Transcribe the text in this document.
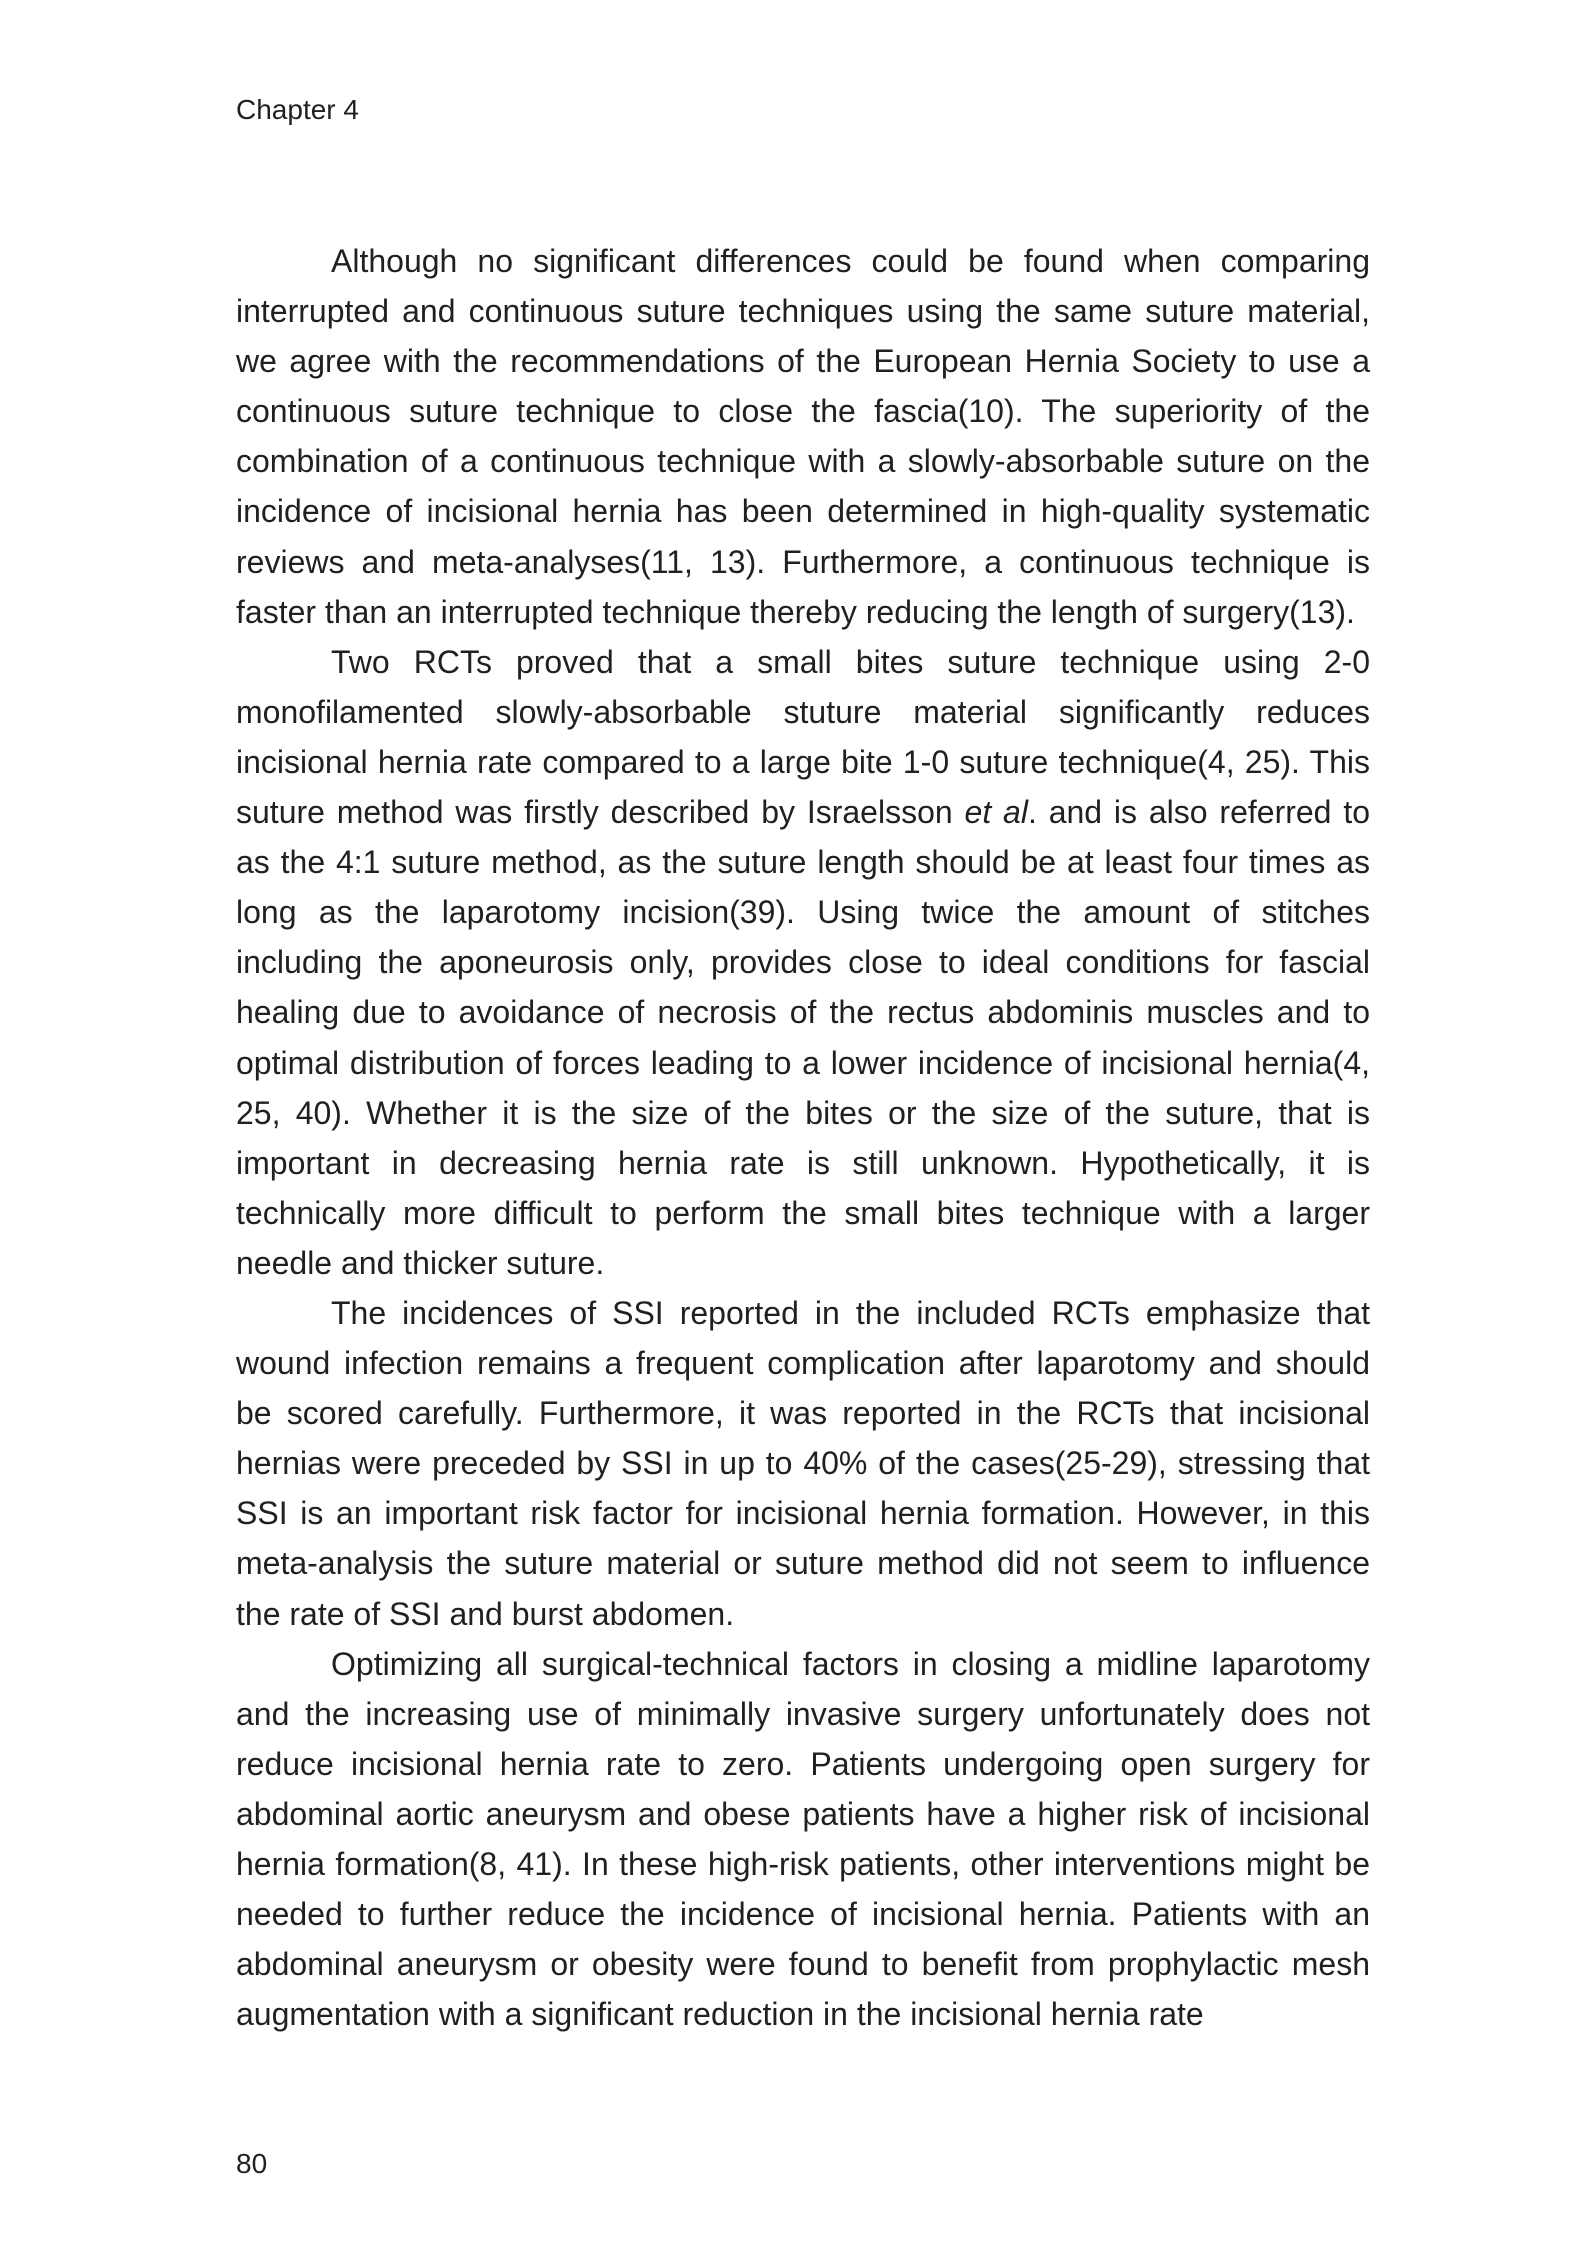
Chapter 4

Although no significant differences could be found when comparing interrupted and continuous suture techniques using the same suture material, we agree with the recommendations of the European Hernia Society to use a continuous suture technique to close the fascia(10). The superiority of the combination of a continuous technique with a slowly-absorbable suture on the incidence of incisional hernia has been determined in high-quality systematic reviews and meta-analyses(11, 13). Furthermore, a continuous technique is faster than an interrupted technique thereby reducing the length of surgery(13).

Two RCTs proved that a small bites suture technique using 2-0 monofilamented slowly-absorbable stuture material significantly reduces incisional hernia rate compared to a large bite 1-0 suture technique(4, 25). This suture method was firstly described by Israelsson et al. and is also referred to as the 4:1 suture method, as the suture length should be at least four times as long as the laparotomy incision(39). Using twice the amount of stitches including the aponeurosis only, provides close to ideal conditions for fascial healing due to avoidance of necrosis of the rectus abdominis muscles and to optimal distribution of forces leading to a lower incidence of incisional hernia(4, 25, 40). Whether it is the size of the bites or the size of the suture, that is important in decreasing hernia rate is still unknown. Hypothetically, it is technically more difficult to perform the small bites technique with a larger needle and thicker suture.

The incidences of SSI reported in the included RCTs emphasize that wound infection remains a frequent complication after laparotomy and should be scored carefully. Furthermore, it was reported in the RCTs that incisional hernias were preceded by SSI in up to 40% of the cases(25-29), stressing that SSI is an important risk factor for incisional hernia formation. However, in this meta-analysis the suture material or suture method did not seem to influence the rate of SSI and burst abdomen.

Optimizing all surgical-technical factors in closing a midline laparotomy and the increasing use of minimally invasive surgery unfortunately does not reduce incisional hernia rate to zero. Patients undergoing open surgery for abdominal aortic aneurysm and obese patients have a higher risk of incisional hernia formation(8, 41). In these high-risk patients, other interventions might be needed to further reduce the incidence of incisional hernia. Patients with an abdominal aneurysm or obesity were found to benefit from prophylactic mesh augmentation with a significant reduction in the incisional hernia rate

80
